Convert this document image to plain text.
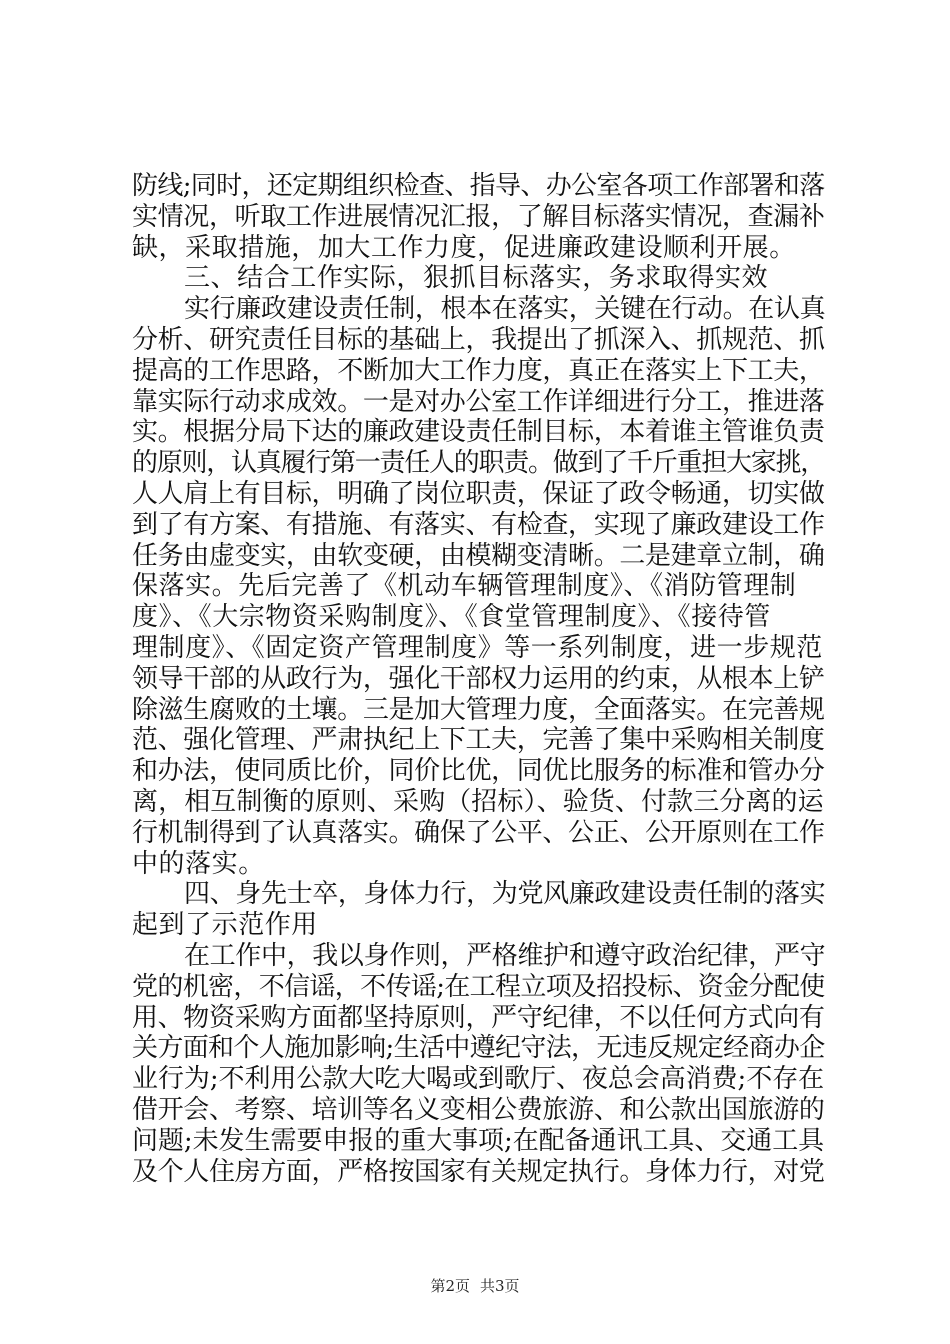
防线;同时，还定期组织检查、指导、办公室各项工作部署和落
实情况，听取工作进展情况汇报，了解目标落实情况，查漏补
缺，采取措施，加大工作力度，促进廉政建设顺利开展。
三、结合工作实际，狠抓目标落实，务求取得实效
实行廉政建设责任制，根本在落实，关键在行动。在认真
分析、研究责任目标的基础上，我提出了抓深入、抓规范、抓
提高的工作思路，不断加大工作力度，真正在落实上下工夫，
靠实际行动求成效。一是对办公室工作详细进行分工，推进落
实。根据分局下达的廉政建设责任制目标，本着谁主管谁负责
的原则，认真履行第一责任人的职责。做到了千斤重担大家挑，
人人肩上有目标，明确了岗位职责，保证了政令畅通，切实做
到了有方案、有措施、有落实、有检查，实现了廉政建设工作
任务由虚变实，由软变硬，由模糊变清晰。二是建章立制，确
保落实。先后完善了《机动车辆管理制度》、《消防管理制
度》、《大宗物资采购制度》、《食堂管理制度》、《接待管
理制度》、《固定资产管理制度》等一系列制度，进一步规范
领导干部的从政行为，强化干部权力运用的约束，从根本上铲
除滋生腐败的土壤。三是加大管理力度，全面落实。在完善规
范、强化管理、严肃执纪上下工夫，完善了集中采购相关制度
和办法，使同质比价，同价比优，同优比服务的标准和管办分
离，相互制衡的原则、采购（招标）、验货、付款三分离的运
行机制得到了认真落实。确保了公平、公正、公开原则在工作
中的落实。
四、身先士卒，身体力行，为党风廉政建设责任制的落实
起到了示范作用
在工作中，我以身作则，严格维护和遵守政治纪律，严守
党的机密，不信谣，不传谣;在工程立项及招投标、资金分配使
用、物资采购方面都坚持原则，严守纪律，不以任何方式向有
关方面和个人施加影响;生活中遵纪守法，无违反规定经商办企
业行为;不利用公款大吃大喝或到歌厅、夜总会高消费;不存在
借开会、考察、培训等名义变相公费旅游、和公款出国旅游的
问题;未发生需要申报的重大事项;在配备通讯工具、交通工具
及个人住房方面，严格按国家有关规定执行。身体力行，对党
第2页 共3页
